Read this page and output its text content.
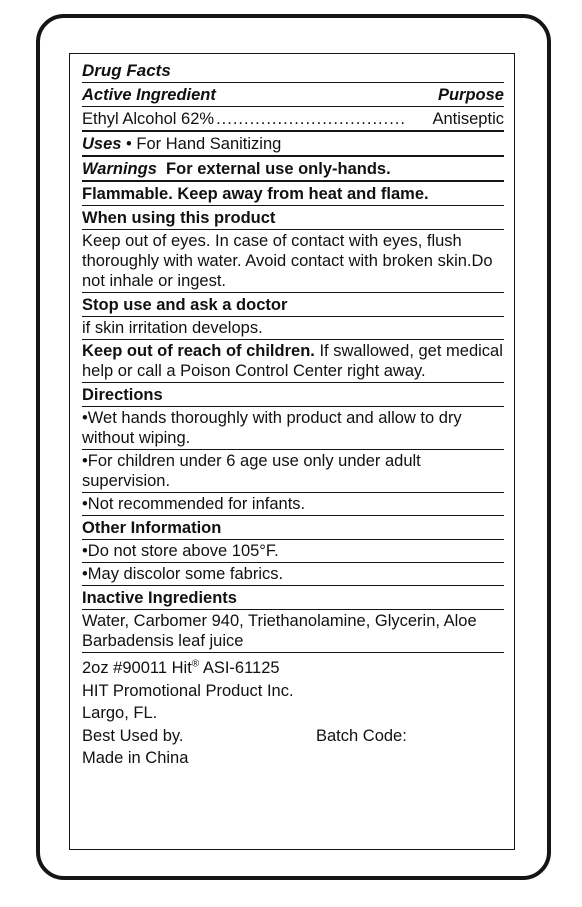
Drug Facts
Active Ingredient	Purpose
Ethyl Alcohol 62% ..................................	Antiseptic
Uses • For Hand Sanitizing
Warnings For external use only-hands.
Flammable. Keep away from heat and flame.
When using this product
Keep out of eyes. In case of contact with eyes, flush thoroughly with water. Avoid contact with broken skin.Do not inhale or ingest.
Stop use and ask a doctor
if skin irritation develops.
Keep out of reach of children. If swallowed, get medical help or call a Poison Control Center right away.
Directions
•Wet hands thoroughly with product and allow to dry without wiping.
•For children under 6 age use only under adult supervision.
•Not recommended for infants.
Other Information
•Do not store above 105°F.
•May discolor some fabrics.
Inactive Ingredients
Water, Carbomer 940, Triethanolamine, Glycerin, Aloe Barbadensis leaf juice
2oz #90011 Hit® ASI-61125
HIT Promotional Product Inc.
Largo, FL.
Best Used by.	Batch Code:
Made in China
